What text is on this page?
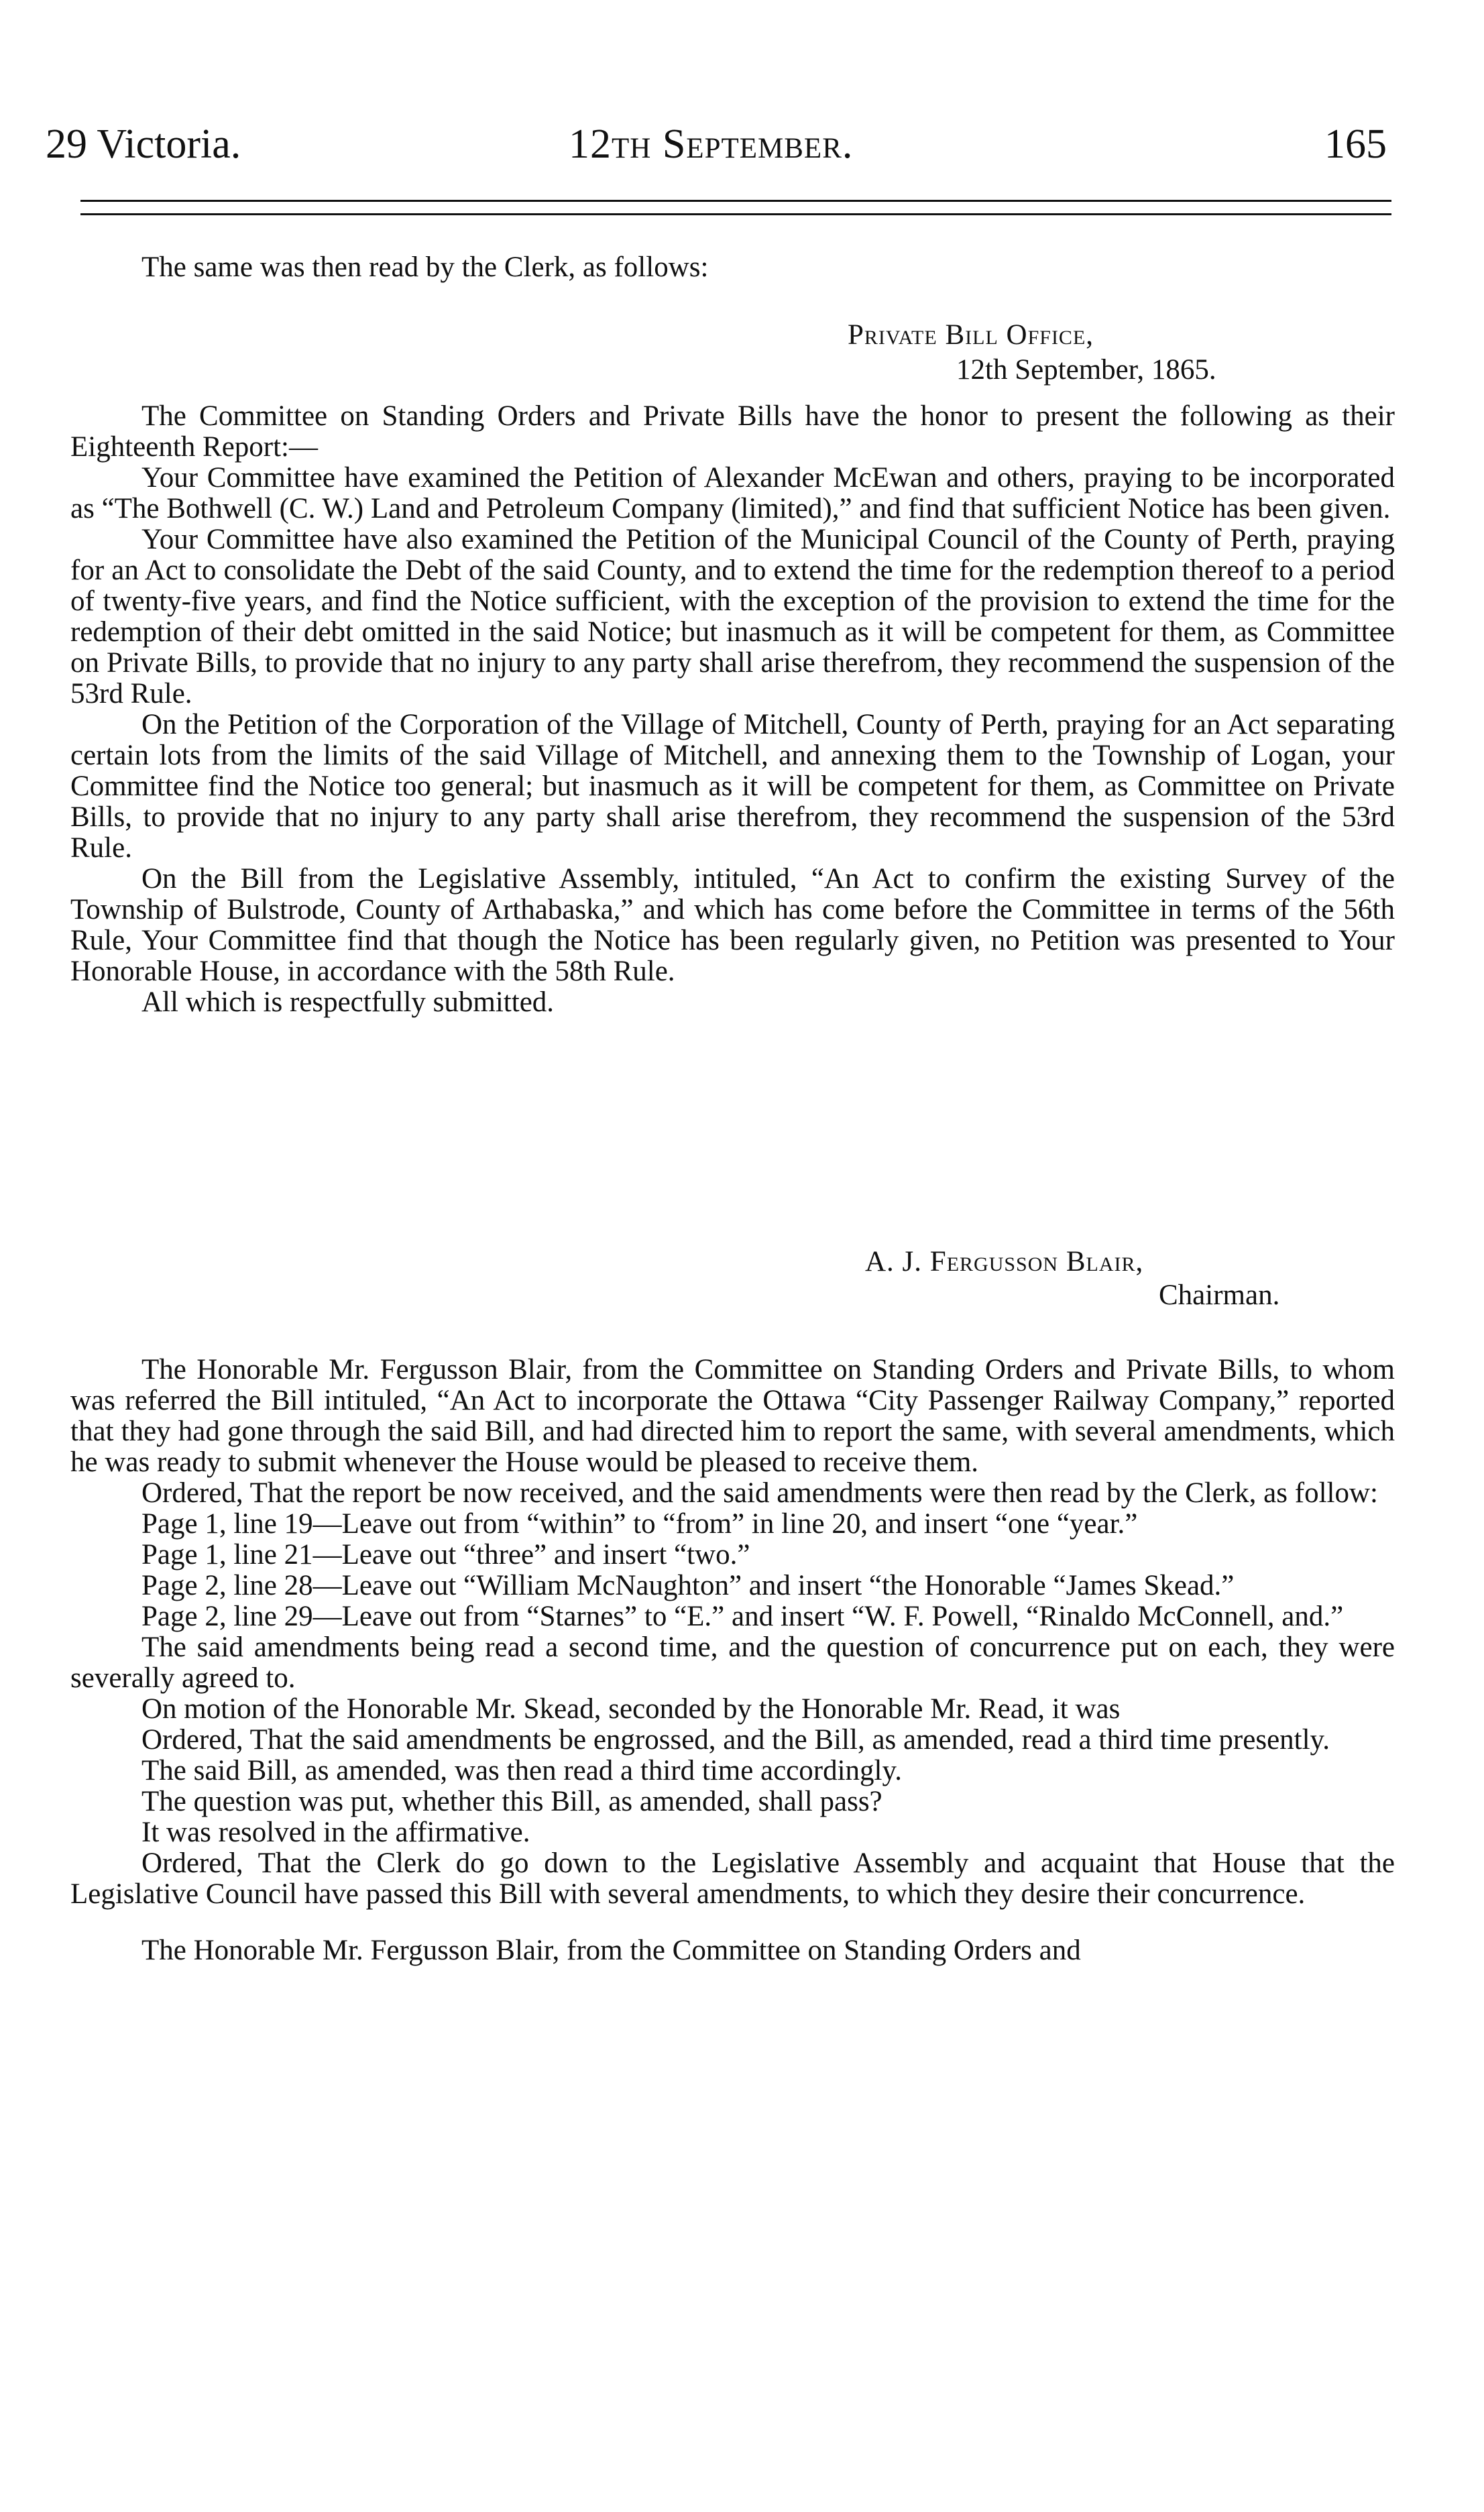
29 Victoria.	12th September.	165

The same was then read by the Clerk, as follows:

Private Bill Office,
12th September, 1865.

The Committee on Standing Orders and Private Bills have the honor to present the following as their Eighteenth Report:—

Your Committee have examined the Petition of Alexander McEwan and others, praying to be incorporated as “The Bothwell (C. W.) Land and Petroleum Company (limited),” and find that sufficient Notice has been given.

Your Committee have also examined the Petition of the Municipal Council of the County of Perth, praying for an Act to consolidate the Debt of the said County, and to extend the time for the redemption thereof to a period of twenty-five years, and find the Notice sufficient, with the exception of the provision to extend the time for the redemption of their debt omitted in the said Notice; but inasmuch as it will be competent for them, as Committee on Private Bills, to provide that no injury to any party shall arise therefrom, they recommend the suspension of the 53rd Rule.

On the Petition of the Corporation of the Village of Mitchell, County of Perth, praying for an Act separating certain lots from the limits of the said Village of Mitchell, and annexing them to the Township of Logan, your Committee find the Notice too general; but inasmuch as it will be competent for them, as Committee on Private Bills, to provide that no injury to any party shall arise therefrom, they recommend the suspension of the 53rd Rule.

On the Bill from the Legislative Assembly, intituled, “An Act to confirm the existing Survey of the Township of Bulstrode, County of Arthabaska,” and which has come before the Committee in terms of the 56th Rule, Your Committee find that though the Notice has been regularly given, no Petition was presented to Your Honorable House, in accordance with the 58th Rule.

All which is respectfully submitted.

A. J. Fergusson Blair,
Chairman.

The Honorable Mr. Fergusson Blair, from the Committee on Standing Orders and Private Bills, to whom was referred the Bill intituled, “An Act to incorporate the Ottawa “City Passenger Railway Company,” reported that they had gone through the said Bill, and had directed him to report the same, with several amendments, which he was ready to submit whenever the House would be pleased to receive them.

Ordered, That the report be now received, and the said amendments were then read by the Clerk, as follow:

Page 1, line 19—Leave out from “within” to “from” in line 20, and insert “one “year.”

Page 1, line 21—Leave out “three” and insert “two.”

Page 2, line 28—Leave out “William McNaughton” and insert “the Honorable “James Skead.”

Page 2, line 29—Leave out from “Starnes” to “E.” and insert “W. F. Powell, “Rinaldo McConnell, and.”

The said amendments being read a second time, and the question of concurrence put on each, they were severally agreed to.

On motion of the Honorable Mr. Skead, seconded by the Honorable Mr. Read, it was

Ordered, That the said amendments be engrossed, and the Bill, as amended, read a third time presently.

The said Bill, as amended, was then read a third time accordingly.

The question was put, whether this Bill, as amended, shall pass?

It was resolved in the affirmative.

Ordered, That the Clerk do go down to the Legislative Assembly and acquaint that House that the Legislative Council have passed this Bill with several amendments, to which they desire their concurrence.

The Honorable Mr. Fergusson Blair, from the Committee on Standing Orders and
